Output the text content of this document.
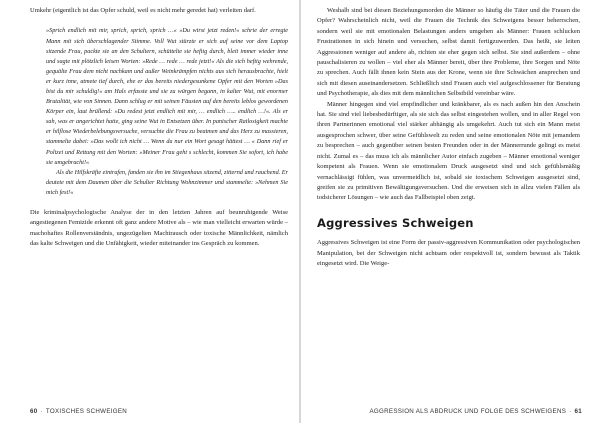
Umkehr (eigentlich ist das Opfer schuld, weil es nicht mehr geredet hat) verleiten darf.

»Sprich endlich mit mir, sprich, sprich, sprich …« »Du wirst jetzt reden!« schrie der erregte Mann mit sich überschlagender Stimme. Voll Wut stürzte er sich auf seine vor dem Laptop sitzende Frau, packte sie an den Schultern, schüttelte sie heftig durch, bleit immer wieder inne und sagte mit plötzlich leisen Worten: »Rede … rede … rede jetzt!« Als die sich heftig wehrende, gequälte Frau dem nicht nachkam und außer Weinkrämpfen nichts aus sich herausbrachte, hielt er kurz inne, atmete tief durch, ehe er das bereits niedergesunkene Opfer mit den Worten »Das bist du mir schuldig!« am Hals erfasste und sie zu würgen begann, in kalter Wut, mit enormer Brutalität, wie von Sinnen. Dann schlug er mit seinen Fäusten auf den bereits leblos gewordenen Körper ein, laut brüllend: »Du redest jetzt endlich mit mir, … endlich ….. endlich …!«. Als er sah, was er angerichtet hatte, ging seine Wut in Entsetzen über. In panischer Ratlosigkeit machte er hilflose Wiederbelebungsversuche, versuchte die Frau zu beatmen und das Herz zu massieren, stammelte dabei: »Das wollt ich nicht … Wenn du nur ein Wort gesagt hättest … « Dann rief er Polizei und Rettung mit den Worten: »Meiner Frau geht s schlecht, kommen Sie sofort, ich habe sie umgebracht!«

Als die Hilfskräfte eintrafen, fanden sie ihn im Stiegenhaus sitzend, zitternd und rauchend. Er deutete mit dem Daumen über die Schulter Richtung Wohnzimmer und stammelte: »Nehmen Sie mich fest!«

Die kriminalpsychologische Analyse der in den letzten Jahren auf beunruhigende Weise angestiegenen Femizide erkennt oft ganz andere Motive als – wie man vielleicht erwarten würde – machohaftes Rollenverständnis, ungezügelten Machtrausch oder toxische Männlichkeit, nämlich das kalte Schweigen und die Unfähigkeit, wieder miteinander ins Gespräch zu kommen.

60 · TOXISCHES SCHWEIGEN

Weshalb sind bei diesen Beziehungsmorden die Männer so häufig die Täter und die Frauen die Opfer? Wahrscheinlich nicht, weil die Frauen die Technik des Schweigens besser beherrschen, sondern weil sie mit emotionalen Belastungen anders umgehen als Männer: Frauen schlucken Frustrationen in sich hinein und versuchen, selbst damit fertigzuwerden. Das heißt, sie leiten Aggressionen weniger auf andere ab, richten sie eher gegen sich selbst. Sie sind außerdem – ohne pauschalisieren zu wollen – viel eher als Männer bereit, über ihre Probleme, ihre Sorgen und Nöte zu sprechen. Auch fällt ihnen kein Stein aus der Krone, wenn sie ihre Schwächen ansprechen und sich mit diesen auseinandersetzen. Schließlich sind Frauen auch viel aufgeschlossener für Beratung und Psychotherapie, als dies mit dem männlichen Selbstbild vereinbar wäre.

Männer hingegen sind viel empfindlicher und kränkbarer, als es nach außen hin den Anschein hat. Sie sind viel liebesbedürftiger, als sie sich das selbst eingestehen wollen, und in aller Regel von ihren Partnerinnen emotional viel stärker abhängig als umgekehrt. Auch tut sich ein Mann meist ausgesprochen schwer, über seine Gefühlswelt zu reden und seine emotionalen Nöte mit jemandem zu besprechen – auch gegenüber seinen besten Freunden oder in der Männerrunde gelingt es meist nicht. Zumal es – das muss ich als männlicher Autor einfach zugeben – Männer emotional weniger kompetent als Frauen. Wenn sie emotionalem Druck ausgesetzt sind und sich gefühlsmäßig vernachlässigt fühlen, was unvermeidlich ist, sobald sie toxischem Schweigen ausgesetzt sind, greifen sie zu primitiven Bewältigungsversuchen. Und die erweisen sich in allzu vielen Fällen als todsicherer Lösungen – wie auch das Fallbeispiel oben zeigt.

Aggressives Schweigen

Aggressives Schweigen ist eine Form der passiv-aggressiven Kommunikation oder psychologischen Manipulation, bei der Schweigen nicht achtsam oder respektvoll ist, sondern bewusst als Taktik eingesetzt wird. Die Weige-

AGGRESSION ALS ABDRUCK UND FOLGE DES SCHWEIGENS · 61
